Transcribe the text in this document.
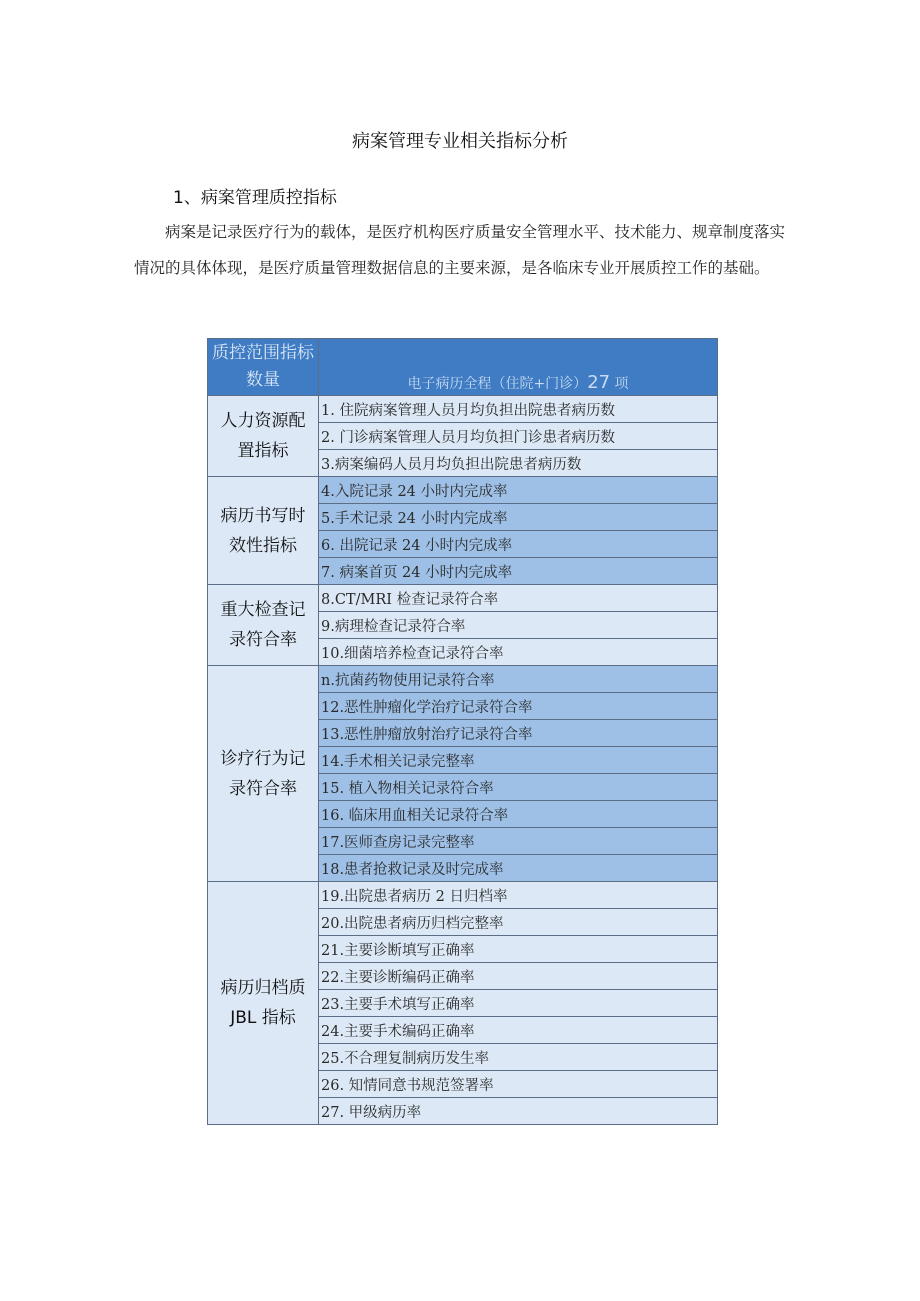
病案管理专业相关指标分析
1、病案管理质控指标
病案是记录医疗行为的载体，是医疗机构医疗质量安全管理水平、技术能力、规章制度落实情况的具体体现，是医疗质量管理数据信息的主要来源，是各临床专业开展质控工作的基础。
质控范围指标数量	电子病历全程（住院+门诊）27 项

人力资源配置指标	1. 住院病案管理人员月均负担出院患者病历数
	2. 门诊病案管理人员月均负担门诊患者病历数
	3.病案编码人员月均负担出院患者病历数

病历书写时效性指标	4.入院记录 24 小时内完成率
	5.手术记录 24 小时内完成率
	6. 出院记录 24 小时内完成率
	7. 病案首页 24 小时内完成率

重大检查记录符合率	8.CT/MRI 检查记录符合率
	9.病理检查记录符合率
	10.细菌培养检查记录符合率

诊疗行为记录符合率	n.抗菌药物使用记录符合率
	12.恶性肿瘤化学治疗记录符合率
	13.恶性肿瘤放射治疗记录符合率
	14.手术相关记录完整率
	15. 植入物相关记录符合率
	16. 临床用血相关记录符合率
	17.医师查房记录完整率
	18.患者抢救记录及时完成率

病历归档质JBL 指标	19.出院患者病历 2 日归档率
	20.出院患者病历归档完整率
	21.主要诊断填写正确率
	22.主要诊断编码正确率
	23.主要手术填写正确率
	24.主要手术编码正确率
	25.不合理复制病历发生率
	26. 知情同意书规范签署率
	27. 甲级病历率
